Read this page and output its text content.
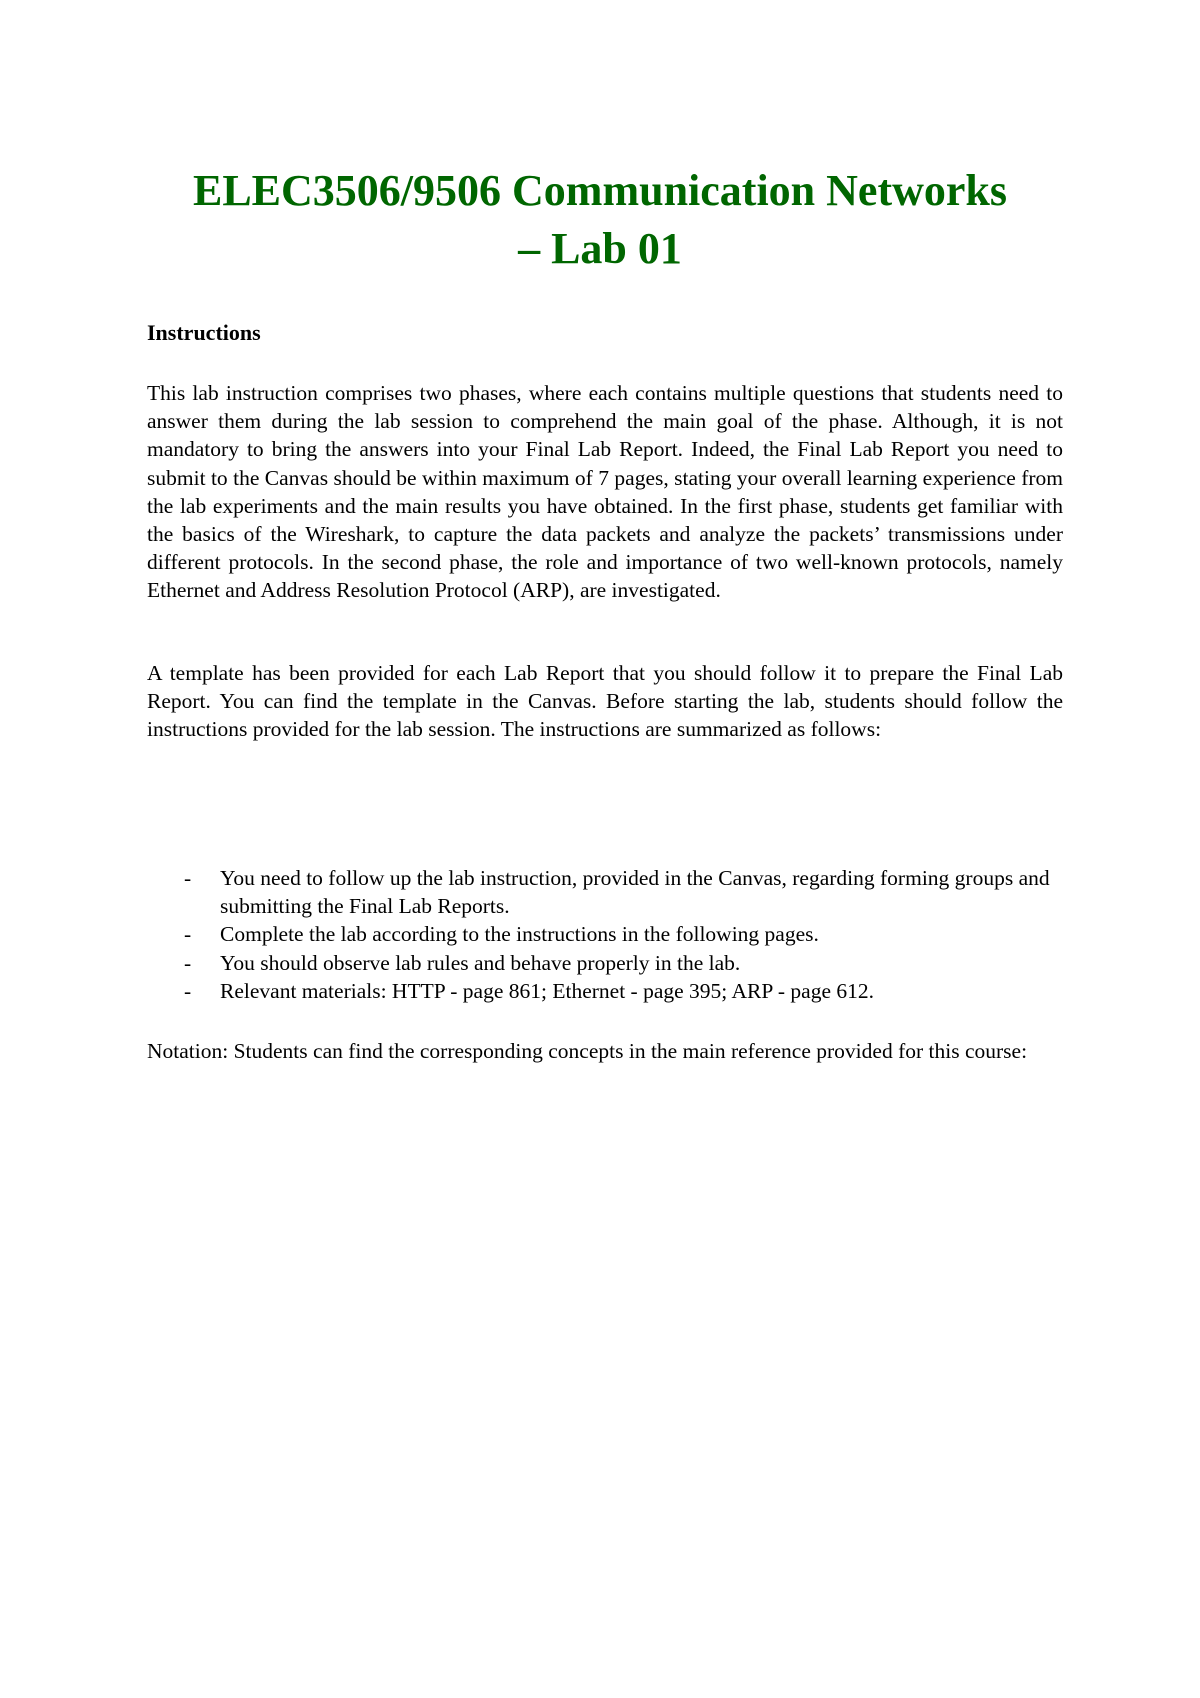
ELEC3506/9506 Communication Networks
– Lab 01
Instructions

This lab instruction comprises two phases, where each contains multiple questions that students need to answer them during the lab session to comprehend the main goal of the phase. Although, it is not mandatory to bring the answers into your Final Lab Report. Indeed, the Final Lab Report you need to submit to the Canvas should be within maximum of 7 pages, stating your overall learning experience from the lab experiments and the main results you have obtained. In the first phase, students get familiar with the basics of the Wireshark, to capture the data packets and analyze the packets’ transmissions under different protocols. In the second phase, the role and importance of two well-known protocols, namely Ethernet and Address Resolution Protocol (ARP), are investigated.

A template has been provided for each Lab Report that you should follow it to prepare the Final Lab Report. You can find the template in the Canvas. Before starting the lab, students should follow the instructions provided for the lab session. The instructions are summarized as follows:

- You need to follow up the lab instruction, provided in the Canvas, regarding forming groups and submitting the Final Lab Reports.
- Complete the lab according to the instructions in the following pages.
- You should observe lab rules and behave properly in the lab.
- Relevant materials: HTTP - page 861; Ethernet - page 395; ARP - page 612.

Notation: Students can find the corresponding concepts in the main reference provided for this course:
